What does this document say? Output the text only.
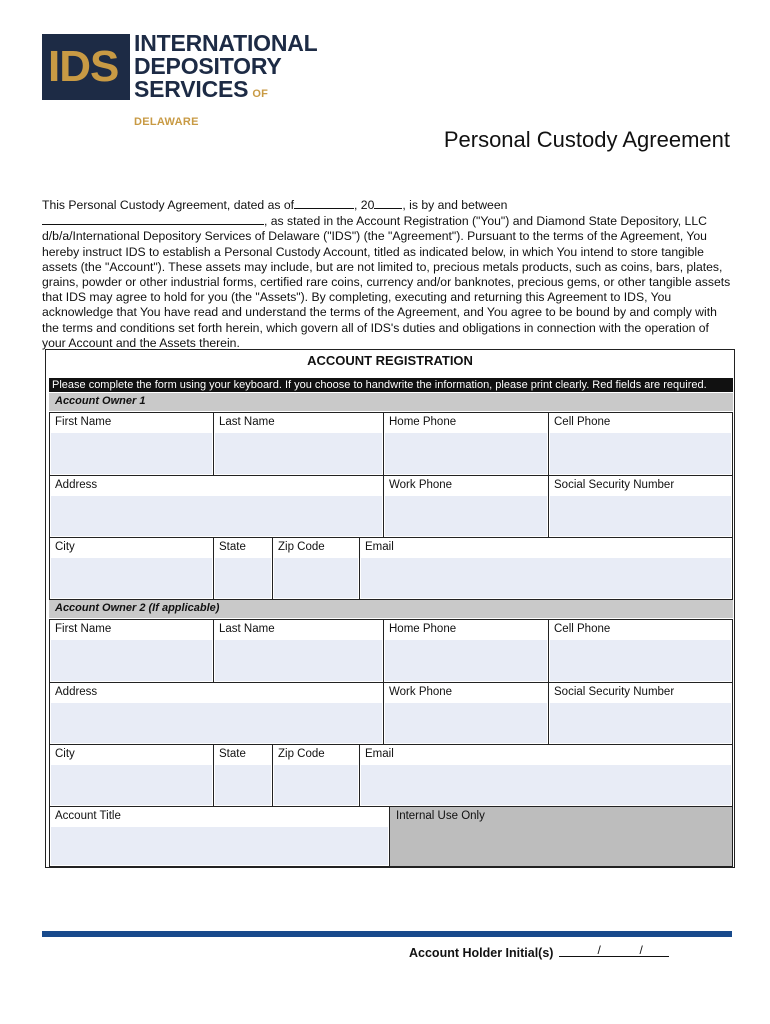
IDS INTERNATIONAL
DEPOSITORY
SERVICES OF DELAWARE
Personal Custody Agreement
This Personal Custody Agreement, dated as of	, 20 , is by and between , as stated in the Account Registration ("You") and Diamond State Depository, LLC d/b/a/International Depository Services of Delaware ("IDS") (the "Agreement"). Pursuant to the terms of the Agreement, You hereby instruct IDS to establish a Personal Custody Account, titled as indicated below, in which You intend to store tangible assets (the "Account"). These assets may include, but are not limited to, precious metals products, such as coins, bars, plates, grains, powder or other industrial forms, certified rare coins, currency and/or banknotes, precious gems, or other tangible assets that IDS may agree to hold for you (the "Assets"). By completing, executing and returning this Agreement to IDS, You acknowledge that You have read and understand the terms of the Agreement, and You agree to be bound by and comply with the terms and conditions set forth herein, which govern all of IDS's duties and obligations in connection with the operation of your Account and the Assets therein.
ACCOUNT REGISTRATION
Please complete the form using your keyboard. If you choose to handwrite the information, please print clearly. Red fields are required.
Account Owner 1
First Name	Last Name	Home Phone	Cell Phone
Address	Work Phone	Social Security Number
City	State	Zip Code	Email
Account Owner 2 (If applicable)
First Name	Last Name	Home Phone	Cell Phone
Address	Work Phone	Social Security Number
City	State	Zip Code	Email
Account Title	Internal Use Only
Account Holder Initial(s)	/	/
